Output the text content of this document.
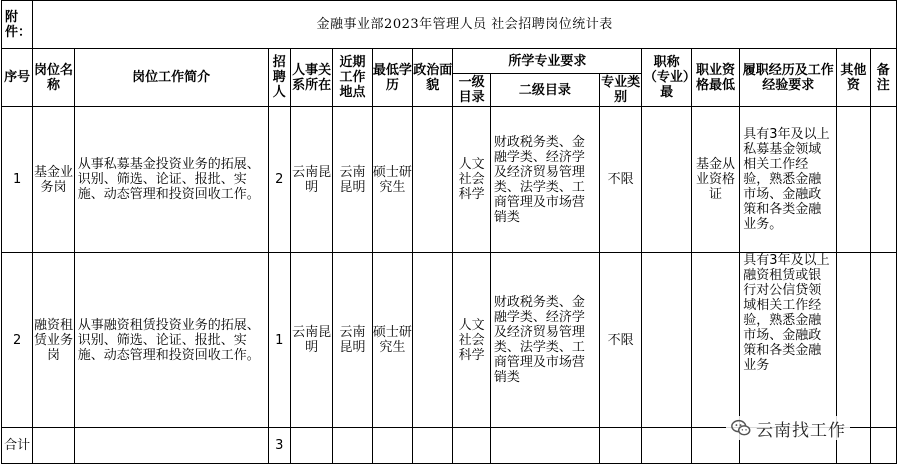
附件：	金融事业部2023年管理人员 社会招聘岗位统计表														
序号	岗位名称	岗位工作简介	招聘人	人事关系所在	近期工作地点	最低学历	政治面貌	所学专业要求			职称（专业）最	职业资格最低	履职经历及工作经验要求	其他资	备注
								一级目录	二级目录	专业类别					
1	基金业务岗	从事私募基金投资业务的拓展、识别、筛选、论证、报批、实施、动态管理和投资回收工作。	2	云南昆明	云南昆明	硕士研究生		人文社会科学	财政税务类、金融学类、经济学及经济贸易管理类、法学类、工商管理及市场营销类	不限		基金从业资格证	具有3年及以上私募基金领域相关工作经验，熟悉金融市场、金融政策和各类金融业务。		
2	融资租赁业务岗	从事融资租赁投资业务的拓展、识别、筛选、论证、报批、实施、动态管理和投资回收工作。	1	云南昆明	云南昆明	硕士研究生		人文社会科学	财政税务类、金融学类、经济学及经济贸易管理类、法学类、工商管理及市场营销类	不限			具有3年及以上融资租赁或银行对公信贷领域相关工作经验，熟悉金融市场、金融政策和各类金融业务		
合计			3												
云南找工作
